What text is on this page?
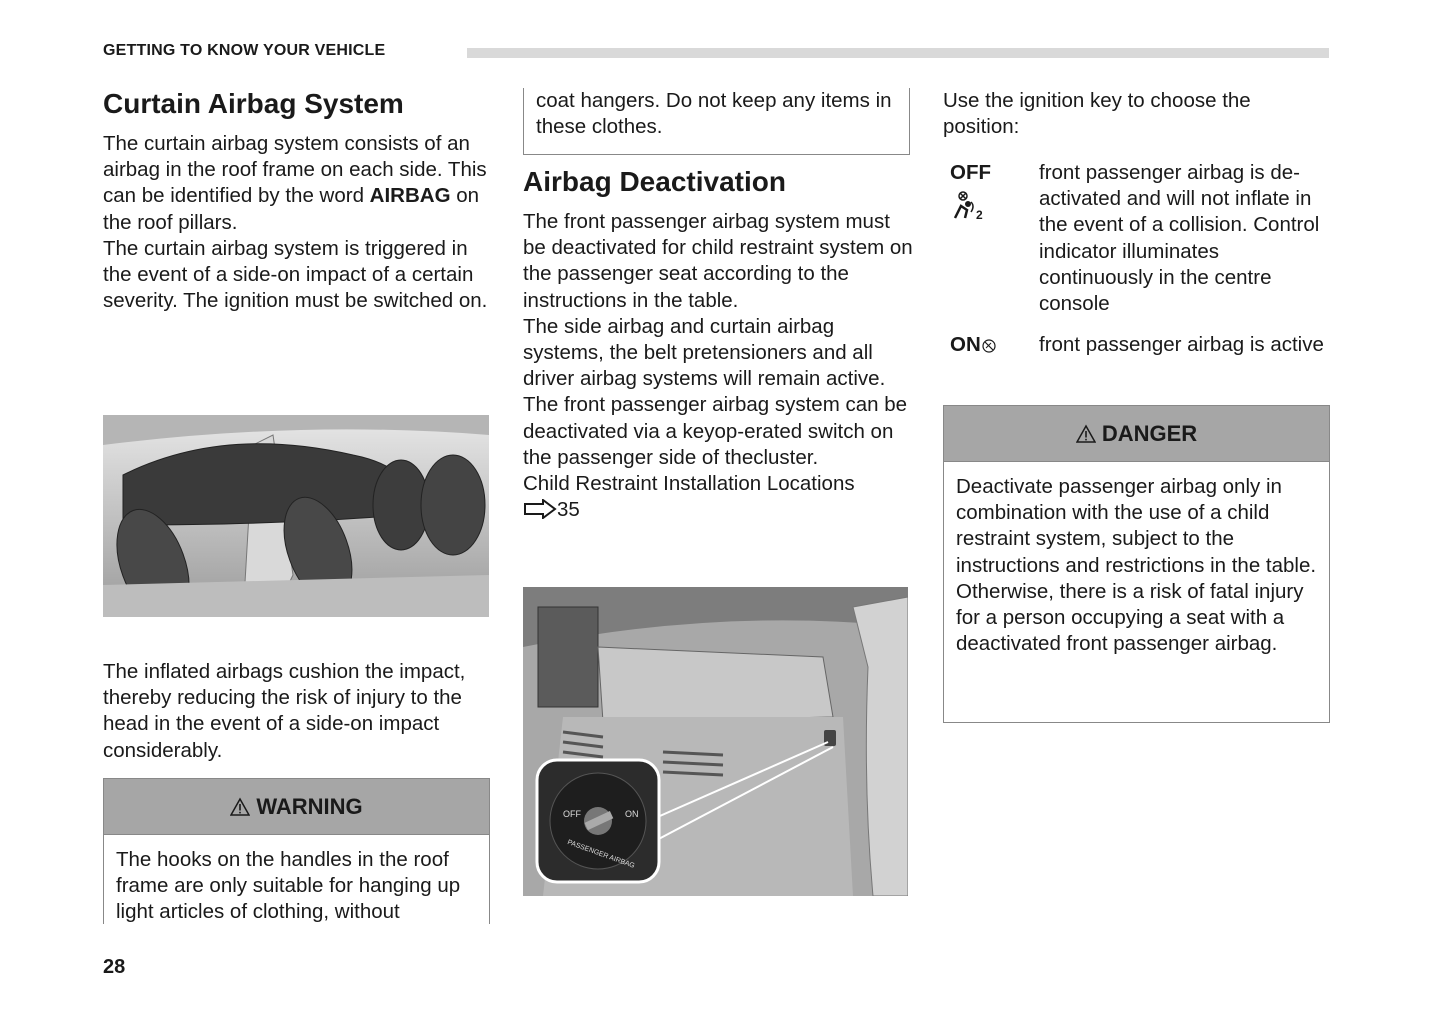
GETTING TO KNOW YOUR VEHICLE
Curtain Airbag System

The curtain airbag system consists of an airbag in the roof frame on each side. This can be identified by the word AIRBAG on the roof pillars.

The curtain airbag system is triggered in the event of a side-on impact of a certain severity. The ignition must be switched on.

The inflated airbags cushion the impact, thereby reducing the risk of injury to the head in the event of a side-on impact considerably.

WARNING
The hooks on the handles in the roof frame are only suitable for hanging up light articles of clothing, without
coat hangers. Do not keep any items in these clothes.
Airbag Deactivation

The front passenger airbag system must be deactivated for child restraint system on the passenger seat according to the instructions in the table.

The side airbag and curtain airbag systems, the belt pretensioners and all driver airbag systems will remain active. The front passenger airbag system can be deactivated via a keyop-erated switch on the passenger side of thecluster.

Child Restraint Installation Locations
35

OFF	ON
PASSENGER AIRBAG

Use the ignition key to choose the position:

OFF
2
front passenger airbag is de-activated and will not inflate in the event of a collision. Control indicator illuminates continuously in the centre console
ON	front passenger airbag is active
DANGER
Deactivate passenger airbag only in combination with the use of a child restraint system, subject to the instructions and restrictions in the table.
Otherwise, there is a risk of fatal injury for a person occupying a seat with a deactivated front passenger airbag.
28
